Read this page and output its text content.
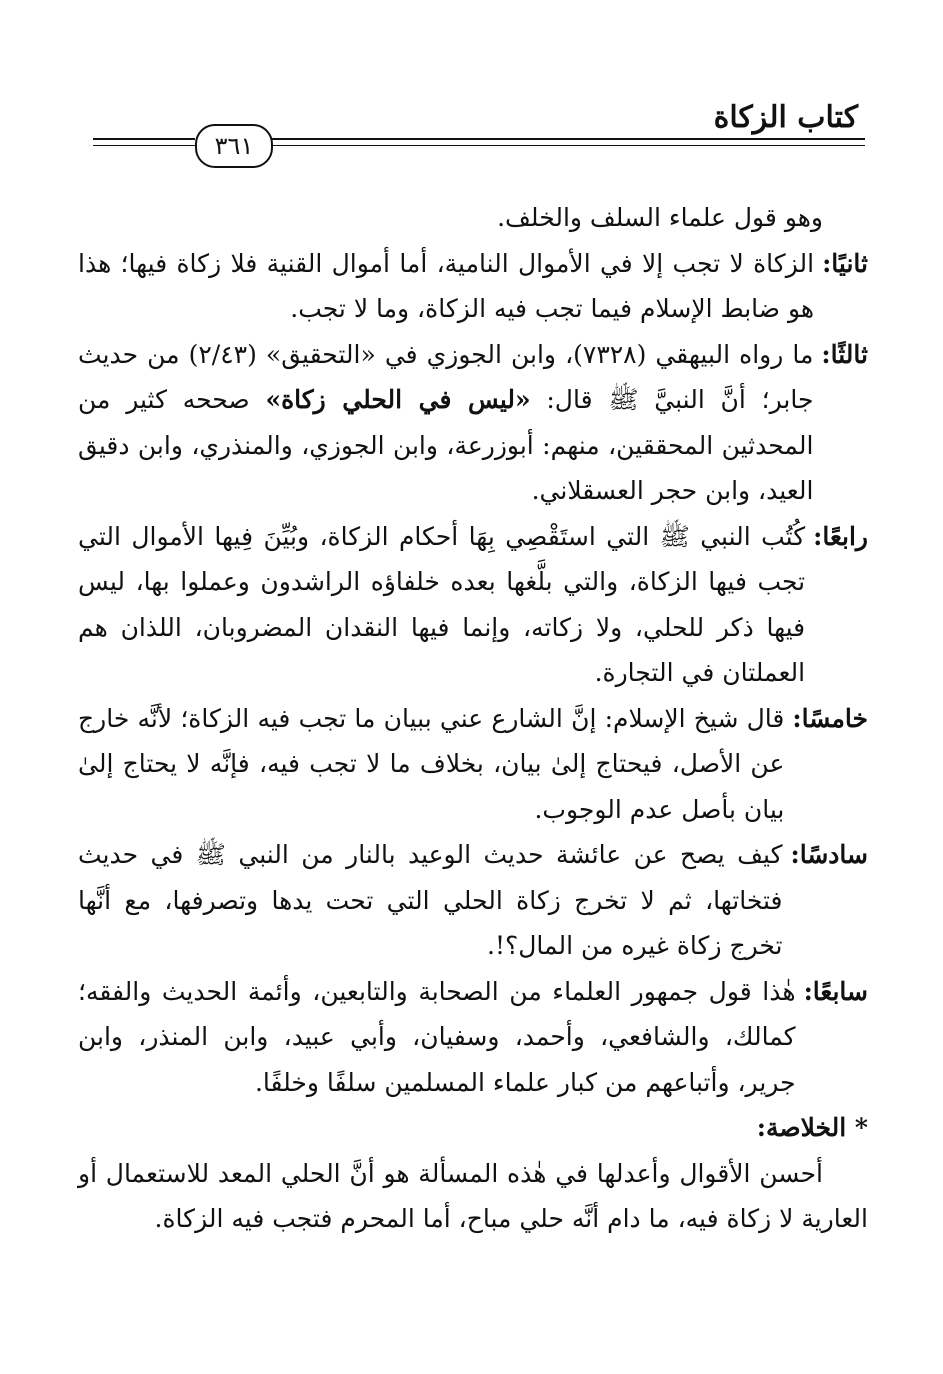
كتاب الزكاة
٣٦١

وهو قول علماء السلف والخلف.

ثانيًا:
الزكاة لا تجب إلا في الأموال النامية، أما أموال القنية فلا زكاة فيها؛ هذا هو ضابط الإسلام فيما تجب فيه الزكاة، وما لا تجب.
ثالثًا:
ما رواه البيهقي (٧٣٢٨)، وابن الجوزي في «التحقيق» (٢/٤٣) من حديث جابر؛ أنَّ النبيَّ ﷺ قال: «ليس في الحلي زكاة» صححه كثير من المحدثين المحققين، منهم: أبوزرعة، وابن الجوزي، والمنذري، وابن دقيق العيد، وابن حجر العسقلاني.
رابعًا:
كُتُب النبي ﷺ التي استَقْصِي بِهَا أحكام الزكاة، وبُيِّنَ فِيها الأموال التي تجب فيها الزكاة، والتي بلَّغها بعده خلفاؤه الراشدون وعملوا بها، ليس فيها ذكر للحلي، ولا زكاته، وإنما فيها النقدان المضروبان، اللذان هم العملتان في التجارة.
خامسًا:
قال شيخ الإسلام: إنَّ الشارع عني ببيان ما تجب فيه الزكاة؛ لأنَّه خارج عن الأصل، فيحتاج إلىٰ بيان، بخلاف ما لا تجب فيه، فإنَّه لا يحتاج إلىٰ بيان بأصل عدم الوجوب.
سادسًا:
كيف يصح عن عائشة حديث الوعيد بالنار من النبي ﷺ في حديث فتخاتها، ثم لا تخرج زكاة الحلي التي تحت يدها وتصرفها، مع أنَّها تخرج زكاة غيره من المال؟!.
سابعًا:
هٰذا قول جمهور العلماء من الصحابة والتابعين، وأئمة الحديث والفقه؛ كمالك، والشافعي، وأحمد، وسفيان، وأبي عبيد، وابن المنذر، وابن جرير، وأتباعهم من كبار علماء المسلمين سلفًا وخلفًا.

* الخلاصة:

أحسن الأقوال وأعدلها في هٰذه المسألة هو أنَّ الحلي المعد للاستعمال أو العارية لا زكاة فيه، ما دام أنَّه حلي مباح، أما المحرم فتجب فيه الزكاة.
